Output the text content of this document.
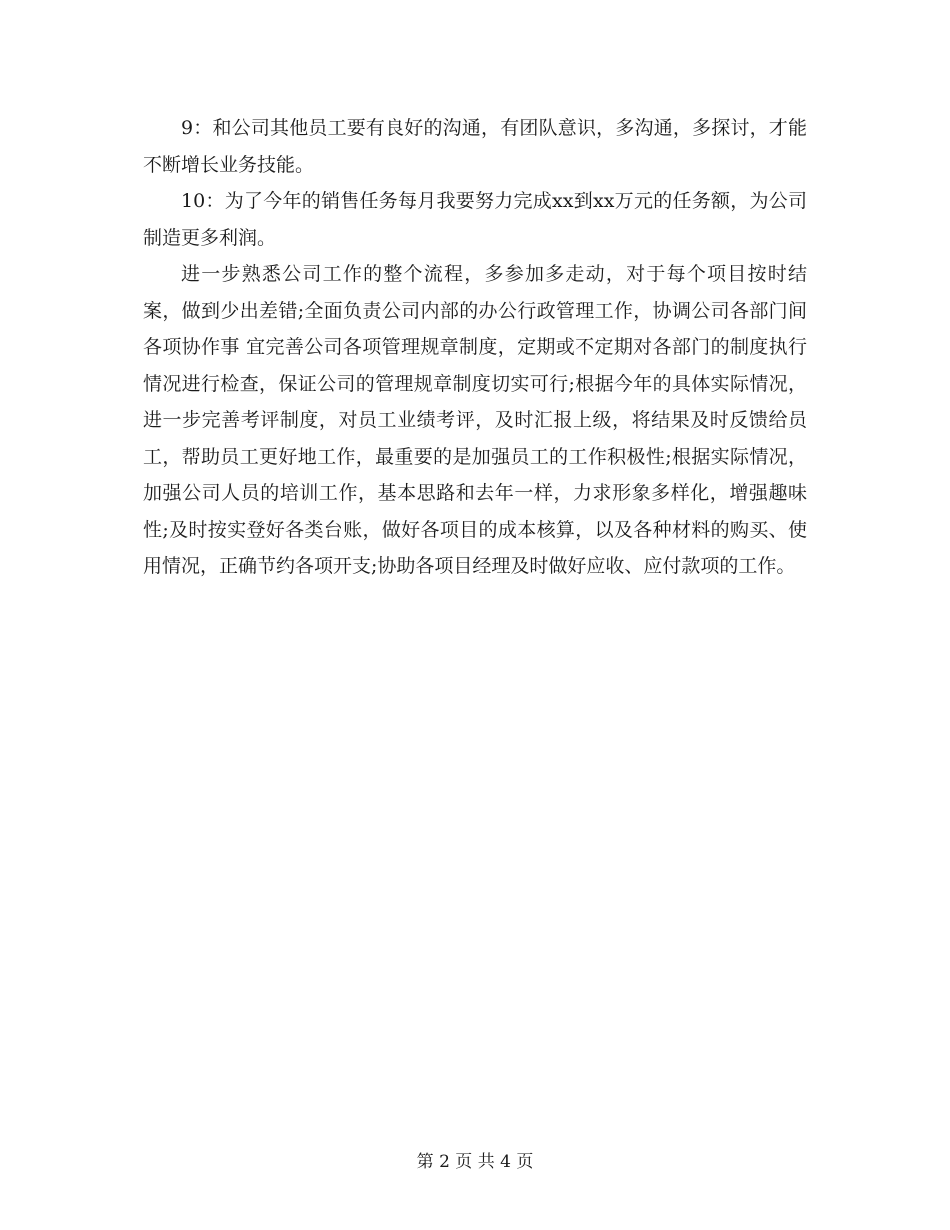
9：和公司其他员工要有良好的沟通，有团队意识，多沟通，多探讨，才能不断增长业务技能。

10：为了今年的销售任务每月我要努力完成xx到xx万元的任务额，为公司制造更多利润。

进一步熟悉公司工作的整个流程，多参加多走动，对于每个项目按时结案，做到少出差错;全面负责公司内部的办公行政管理工作，协调公司各部门间各项协作事 宜完善公司各项管理规章制度，定期或不定期对各部门的制度执行情况进行检查，保证公司的管理规章制度切实可行;根据今年的具体实际情况，进一步完善考评制度，对员工业绩考评，及时汇报上级，将结果及时反馈给员工，帮助员工更好地工作，最重要的是加强员工的工作积极性;根据实际情况，加强公司人员的培训工作，基本思路和去年一样，力求形象多样化，增强趣味性;及时按实登好各类台账，做好各项目的成本核算，以及各种材料的购买、使用情况，正确节约各项开支;协助各项目经理及时做好应收、应付款项的工作。

第 2 页 共 4 页
